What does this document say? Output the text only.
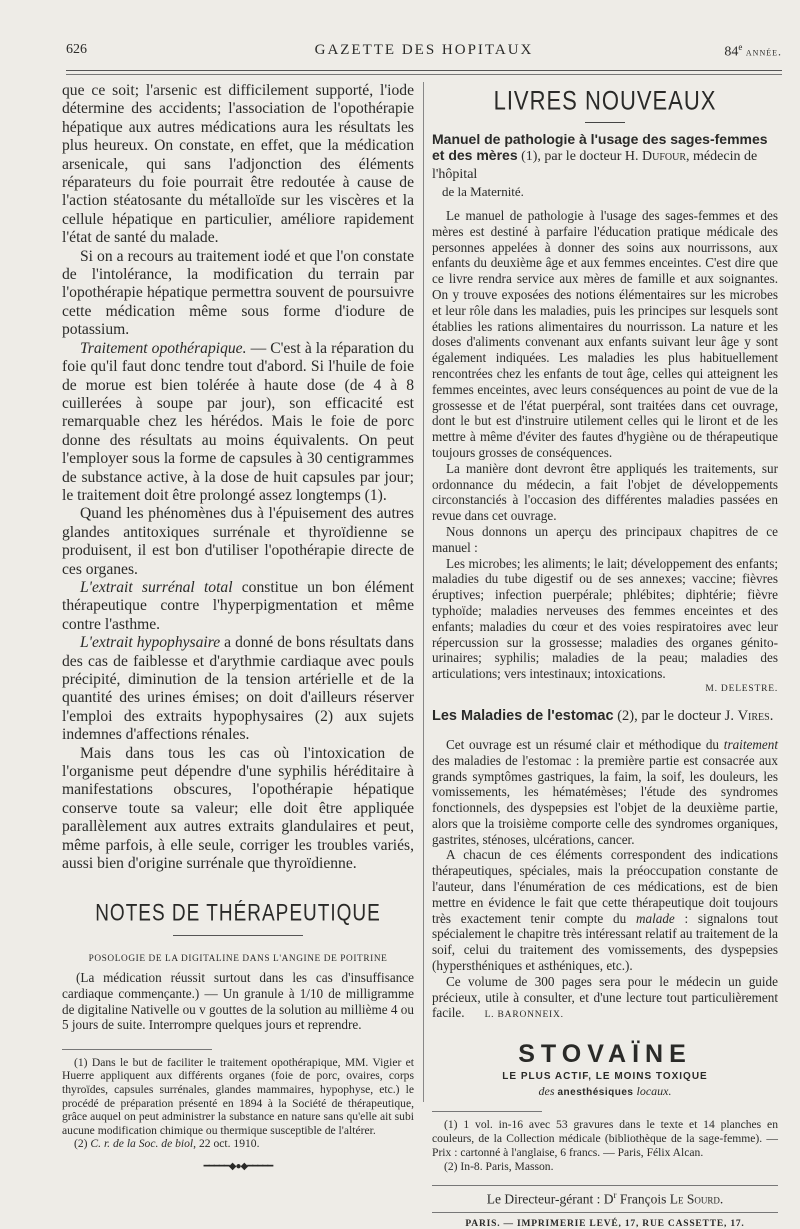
626	GAZETTE DES HOPITAUX	84e année.

que ce soit; l'arsenic est difficilement supporté, l'iode détermine des accidents; l'association de l'opothérapie hépatique aux autres médications aura les résultats les plus heureux. On constate, en effet, que la médication arsenicale, qui sans l'adjonction des éléments réparateurs du foie pourrait être redoutée à cause de l'action stéatosante du métalloïde sur les viscères et la cellule hépatique en particulier, améliore rapidement l'état de santé du malade.

Si on a recours au traitement iodé et que l'on constate de l'intolérance, la modification du terrain par l'opothérapie hépatique permettra souvent de poursuivre cette médication même sous forme d'iodure de potassium.

Traitement opothérapique. — C'est à la réparation du foie qu'il faut donc tendre tout d'abord. Si l'huile de foie de morue est bien tolérée à haute dose (de 4 à 8 cuillerées à soupe par jour), son efficacité est remarquable chez les hérédos. Mais le foie de porc donne des résultats au moins équivalents. On peut l'employer sous la forme de capsules à 30 centigrammes de substance active, à la dose de huit capsules par jour; le traitement doit être prolongé assez longtemps (1).

Quand les phénomènes dus à l'épuisement des autres glandes antitoxiques surrénale et thyroïdienne se produisent, il est bon d'utiliser l'opothérapie directe de ces organes.

L'extrait surrénal total constitue un bon élément thérapeutique contre l'hyperpigmentation et même contre l'asthme.

L'extrait hypophysaire a donné de bons résultats dans des cas de faiblesse et d'arythmie cardiaque avec pouls précipité, diminution de la tension artérielle et de la quantité des urines émises; on doit d'ailleurs réserver l'emploi des extraits hypophysaires (2) aux sujets indemnes d'affections rénales.

Mais dans tous les cas où l'intoxication de l'organisme peut dépendre d'une syphilis héréditaire à manifestations obscures, l'opothérapie hépatique conserve toute sa valeur; elle doit être appliquée parallèlement aux autres extraits glandulaires et peut, même parfois, à elle seule, corriger les troubles variés, aussi bien d'origine surrénale que thyroïdienne.

NOTES DE THÉRAPEUTIQUE
POSOLOGIE DE LA DIGITALINE DANS L'ANGINE DE POITRINE

(La médication réussit surtout dans les cas d'insuffisance cardiaque commençante.) — Un granule à 1/10 de milligramme de digitaline Nativelle ou v gouttes de la solution au millième 4 ou 5 jours de suite. Interrompre quelques jours et reprendre.

(1) Dans le but de faciliter le traitement opothérapique, MM. Vigier et Huerre appliquent aux différents organes (foie de porc, ovaires, corps thyroïdes, capsules surrénales, glandes mammaires, hypophyse, etc.) le procédé de préparation présenté en 1894 à la Société de thérapeutique, grâce auquel on peut administrer la substance en nature sans qu'elle ait subi aucune modification chimique ou thermique susceptible de l'altérer.

(2) C. r. de la Soc. de biol, 22 oct. 1910.

━━━━━◆●◆━━━━━
LIVRES NOUVEAUX
Manuel de pathologie à l'usage des sages-femmes et des mères (1), par le docteur H. Dufour, médecin de l'hôpital
de la Maternité.

Le manuel de pathologie à l'usage des sages-femmes et des mères est destiné à parfaire l'éducation pratique médicale des personnes appelées à donner des soins aux nourrissons, aux enfants du deuxième âge et aux femmes enceintes. C'est dire que ce livre rendra service aux mères de famille et aux soignantes. On y trouve exposées des notions élémentaires sur les microbes et leur rôle dans les maladies, puis les principes sur lesquels sont établies les rations alimentaires du nourrisson. La nature et les doses d'aliments convenant aux enfants suivant leur âge y sont également indiquées. Les maladies les plus habituellement rencontrées chez les enfants de tout âge, celles qui atteignent les femmes enceintes, avec leurs conséquences au point de vue de la grossesse et de l'état puerpéral, sont traitées dans cet ouvrage, dont le but est d'instruire utilement celles qui le liront et de les mettre à même d'éviter des fautes d'hygiène ou de thérapeutique toujours grosses de conséquences.

La manière dont devront être appliqués les traitements, sur ordonnance du médecin, a fait l'objet de développements circonstanciés à l'occasion des différentes maladies passées en revue dans cet ouvrage.

Nous donnons un aperçu des principaux chapitres de ce manuel :

Les microbes; les aliments; le lait; développement des enfants; maladies du tube digestif ou de ses annexes; vaccine; fièvres éruptives; infection puerpérale; phlébites; diphtérie; fièvre typhoïde; maladies nerveuses des femmes enceintes et des enfants; maladies du cœur et des voies respiratoires avec leur répercussion sur la grossesse; maladies des organes génito-urinaires; syphilis; maladies de la peau; maladies des articulations; vers intestinaux; intoxications.

M. DELESTRE.
Les Maladies de l'estomac (2), par le docteur J. Vires.

Cet ouvrage est un résumé clair et méthodique du traitement des maladies de l'estomac : la première partie est consacrée aux grands symptômes gastriques, la faim, la soif, les douleurs, les vomissements, les hématémèses; l'étude des syndromes fonctionnels, des dyspepsies est l'objet de la deuxième partie, alors que la troisième comporte celle des syndromes organiques, gastrites, sténoses, ulcérations, cancer.

A chacun de ces éléments correspondent des indications thérapeutiques, spéciales, mais la préoccupation constante de l'auteur, dans l'énumération de ces médications, est de bien mettre en évidence le fait que cette thérapeutique doit toujours très exactement tenir compte du malade : signalons tout spécialement le chapitre très intéressant relatif au traitement de la soif, celui du traitement des vomissements, des dyspepsies (hypersthéniques et asthéniques, etc.).

Ce volume de 300 pages sera pour le médecin un guide précieux, utile à consulter, et d'une lecture tout particulièrement facile. L. BARONNEIX.

STOVAÏNE
LE PLUS ACTIF, LE MOINS TOXIQUE
des anesthésiques locaux.

(1) 1 vol. in-16 avec 53 gravures dans le texte et 14 planches en couleurs, de la Collection médicale (bibliothèque de la sage-femme). — Prix : cartonné à l'anglaise, 6 francs. — Paris, Félix Alcan.

(2) In-8. Paris, Masson.

Le Directeur-gérant : $D^r$ François Le Sourd.
PARIS. — IMPRIMERIE LEVÉ, 17, RUE CASSETTE, 17.
